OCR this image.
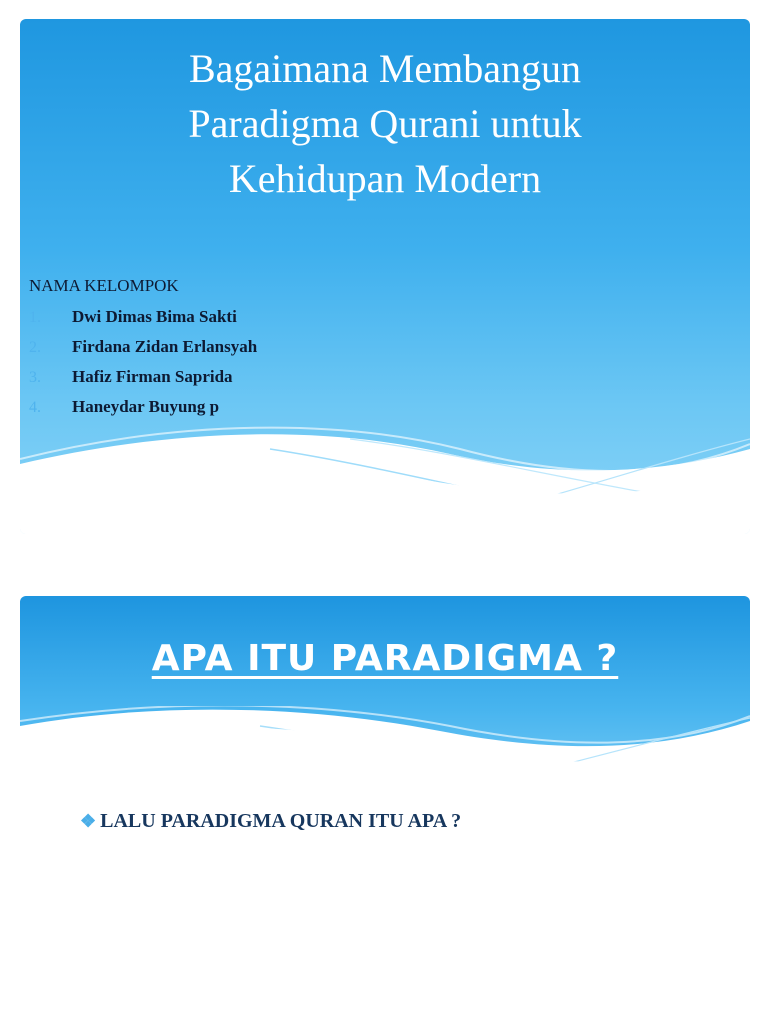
Bagaimana Membangun
Paradigma Qurani untuk
Kehidupan Modern

NAMA KELOMPOK

1.	Dwi Dimas Bima Sakti
2.	Firdana Zidan Erlansyah
3.	Hafiz Firman Saprida
4.	Haneydar Buyung p
APA ITU PARADIGMA ?
❖ LALU PARADIGMA QURAN ITU APA ?
